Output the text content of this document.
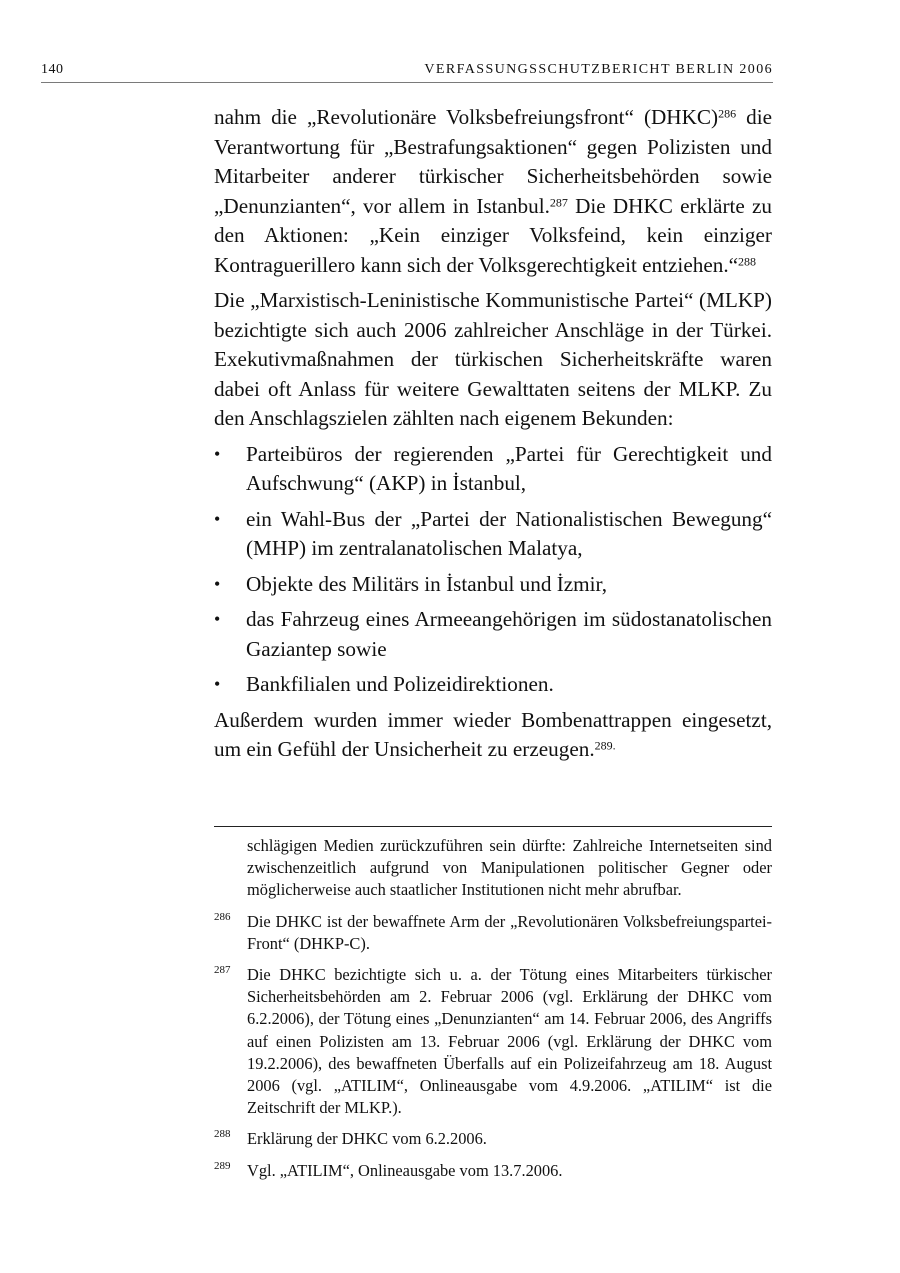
140	VERFASSUNGSSCHUTZBERICHT BERLIN 2006

nahm die „Revolutionäre Volksbefreiungsfront“ (DHKC)$^{286}$ die Verantwortung für „Bestrafungsaktionen“ gegen Polizisten und Mitarbeiter anderer türkischer Sicherheitsbehörden sowie „Denunzianten“, vor allem in Istanbul.$^{287}$ Die DHKC erklärte zu den Aktionen: „Kein einziger Volksfeind, kein einziger Kontraguerillero kann sich der Volksgerechtigkeit entziehen.“$^{288}$

Die „Marxistisch-Leninistische Kommunistische Partei“ (MLKP) bezichtigte sich auch 2006 zahlreicher Anschläge in der Türkei. Exekutivmaßnahmen der türkischen Sicherheitskräfte waren dabei oft Anlass für weitere Gewalttaten seitens der MLKP. Zu den Anschlagszielen zählten nach eigenem Bekunden:

• Parteibüros der regierenden „Partei für Gerechtigkeit und Aufschwung“ (AKP) in İstanbul,
• ein Wahl-Bus der „Partei der Nationalistischen Bewegung“ (MHP) im zentralanatolischen Malatya,
• Objekte des Militärs in İstanbul und İzmir,
• das Fahrzeug eines Armeeangehörigen im südostanatolischen Gaziantep sowie
• Bankfilialen und Polizeidirektionen.

Außerdem wurden immer wieder Bombenattrappen eingesetzt, um ein Gefühl der Unsicherheit zu erzeugen.$^{289.}$

schlägigen Medien zurückzuführen sein dürfte: Zahlreiche Internetseiten sind zwischenzeitlich aufgrund von Manipulationen politischer Gegner oder möglicherweise auch staatlicher Institutionen nicht mehr abrufbar.

286 Die DHKC ist der bewaffnete Arm der „Revolutionären Volksbefreiungspartei-Front“ (DHKP-C).

287 Die DHKC bezichtigte sich u. a. der Tötung eines Mitarbeiters türkischer Sicherheitsbehörden am 2. Februar 2006 (vgl. Erklärung der DHKC vom 6.2.2006), der Tötung eines „Denunzianten“ am 14. Februar 2006, des Angriffs auf einen Polizisten am 13. Februar 2006 (vgl. Erklärung der DHKC vom 19.2.2006), des bewaffneten Überfalls auf ein Polizeifahrzeug am 18. August 2006 (vgl. „ATILIM“, Onlineausgabe vom 4.9.2006. „ATILIM“ ist die Zeitschrift der MLKP.).

288 Erklärung der DHKC vom 6.2.2006.

289 Vgl. „ATILIM“, Onlineausgabe vom 13.7.2006.
